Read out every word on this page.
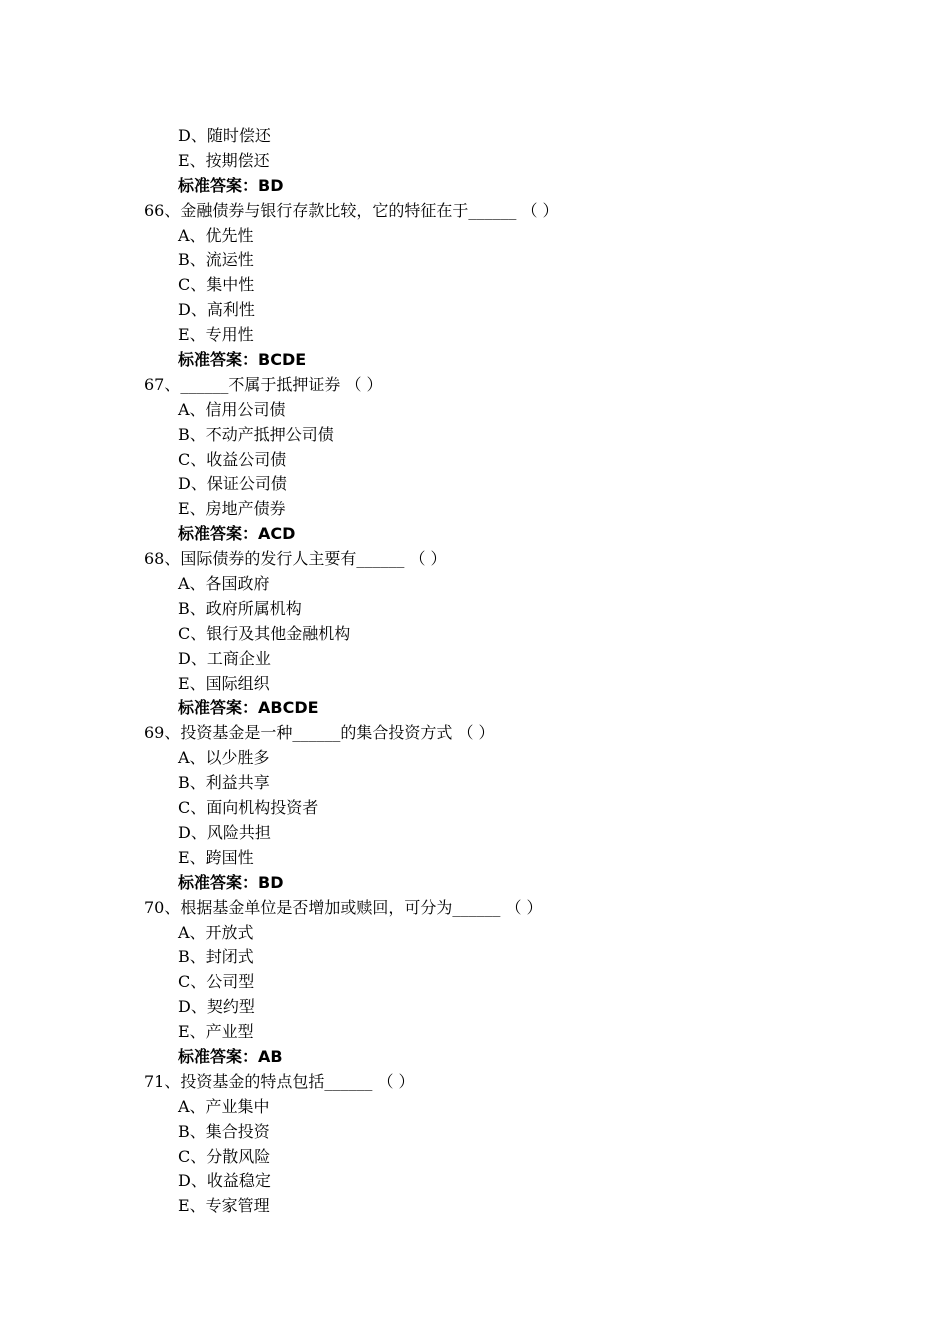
D、随时偿还
E、按期偿还
标准答案：BD
66、金融债券与银行存款比较，它的特征在于______ （ ）
A、优先性
B、流运性
C、集中性
D、高利性
E、专用性
标准答案：BCDE
67、______不属于抵押证券 （ ）
A、信用公司债
B、不动产抵押公司债
C、收益公司债
D、保证公司债
E、房地产债券
标准答案：ACD
68、国际债券的发行人主要有______ （ ）
A、各国政府
B、政府所属机构
C、银行及其他金融机构
D、工商企业
E、国际组织
标准答案：ABCDE
69、投资基金是一种______的集合投资方式 （ ）
A、以少胜多
B、利益共享
C、面向机构投资者
D、风险共担
E、跨国性
标准答案：BD
70、根据基金单位是否增加或赎回，可分为______ （ ）
A、开放式
B、封闭式
C、公司型
D、契约型
E、产业型
标准答案：AB
71、投资基金的特点包括______ （ ）
A、产业集中
B、集合投资
C、分散风险
D、收益稳定
E、专家管理
